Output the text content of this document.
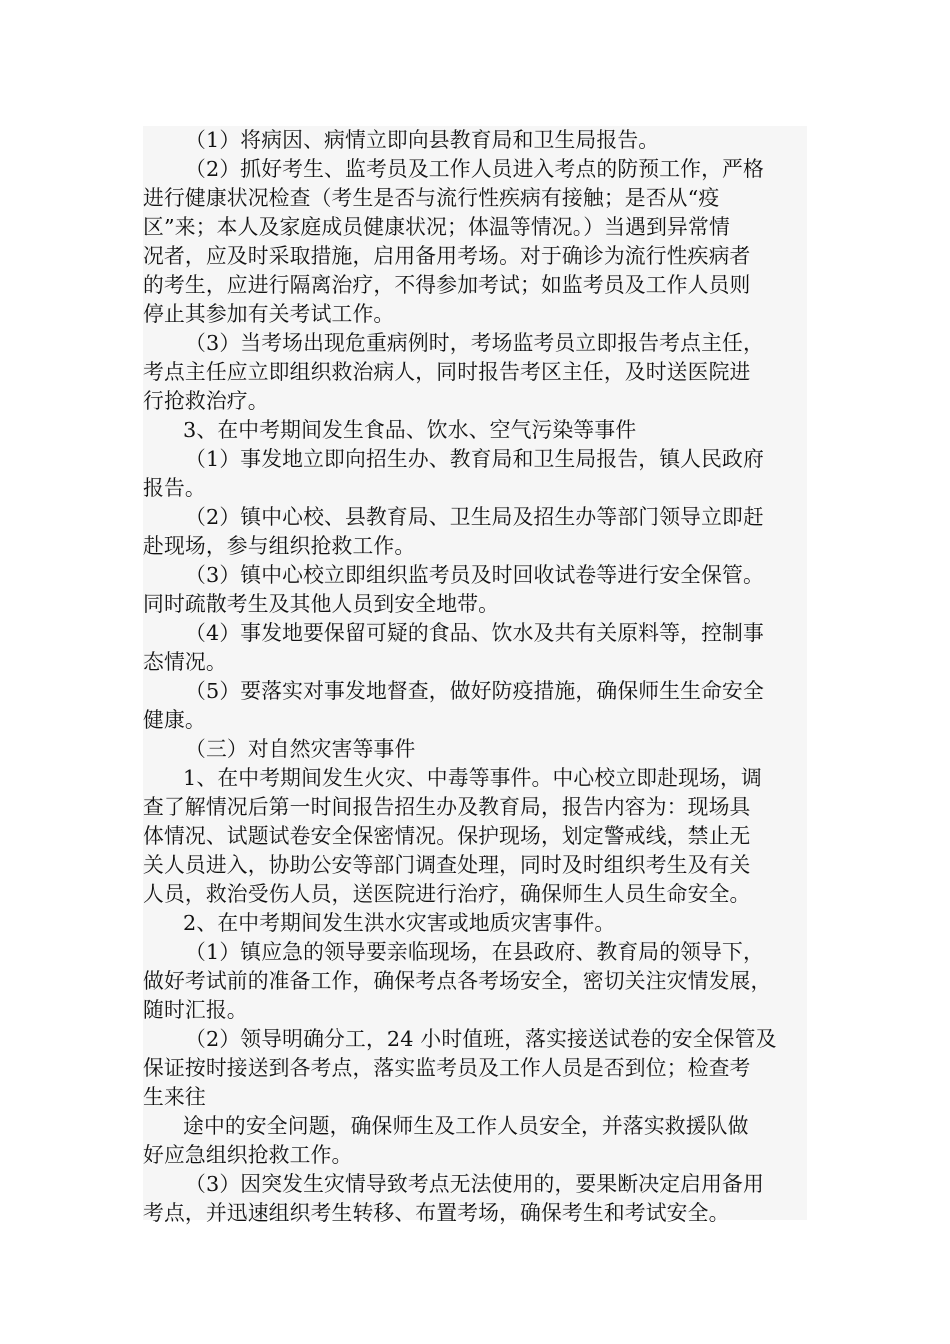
（1）将病因、病情立即向县教育局和卫生局报告。
（2）抓好考生、监考员及工作人员进入考点的防预工作，严格
进行健康状况检查（考生是否与流行性疾病有接触；是否从“疫
区”来；本人及家庭成员健康状况；体温等情况。）当遇到异常情
况者，应及时采取措施，启用备用考场。对于确诊为流行性疾病者
的考生，应进行隔离治疗，不得参加考试；如监考员及工作人员则
停止其参加有关考试工作。
（3）当考场出现危重病例时，考场监考员立即报告考点主任，
考点主任应立即组织救治病人，同时报告考区主任，及时送医院进
行抢救治疗。
3、在中考期间发生食品、饮水、空气污染等事件
（1）事发地立即向招生办、教育局和卫生局报告，镇人民政府
报告。
（2）镇中心校、县教育局、卫生局及招生办等部门领导立即赶
赴现场，参与组织抢救工作。
（3）镇中心校立即组织监考员及时回收试卷等进行安全保管。
同时疏散考生及其他人员到安全地带。
（4）事发地要保留可疑的食品、饮水及共有关原料等，控制事
态情况。
（5）要落实对事发地督查，做好防疫措施，确保师生生命安全
健康。
（三）对自然灾害等事件
1、在中考期间发生火灾、中毒等事件。中心校立即赴现场，调
查了解情况后第一时间报告招生办及教育局，报告内容为：现场具
体情况、试题试卷安全保密情况。保护现场，划定警戒线，禁止无
关人员进入，协助公安等部门调查处理，同时及时组织考生及有关
人员，救治受伤人员，送医院进行治疗，确保师生人员生命安全。
2、在中考期间发生洪水灾害或地质灾害事件。
（1）镇应急的领导要亲临现场，在县政府、教育局的领导下，
做好考试前的准备工作，确保考点各考场安全，密切关注灾情发展，
随时汇报。
（2）领导明确分工，24 小时值班，落实接送试卷的安全保管及
保证按时接送到各考点，落实监考员及工作人员是否到位；检查考
生来往
途中的安全问题，确保师生及工作人员安全，并落实救援队做
好应急组织抢救工作。
（3）因突发生灾情导致考点无法使用的，要果断决定启用备用
考点，并迅速组织考生转移、布置考场，确保考生和考试安全。
